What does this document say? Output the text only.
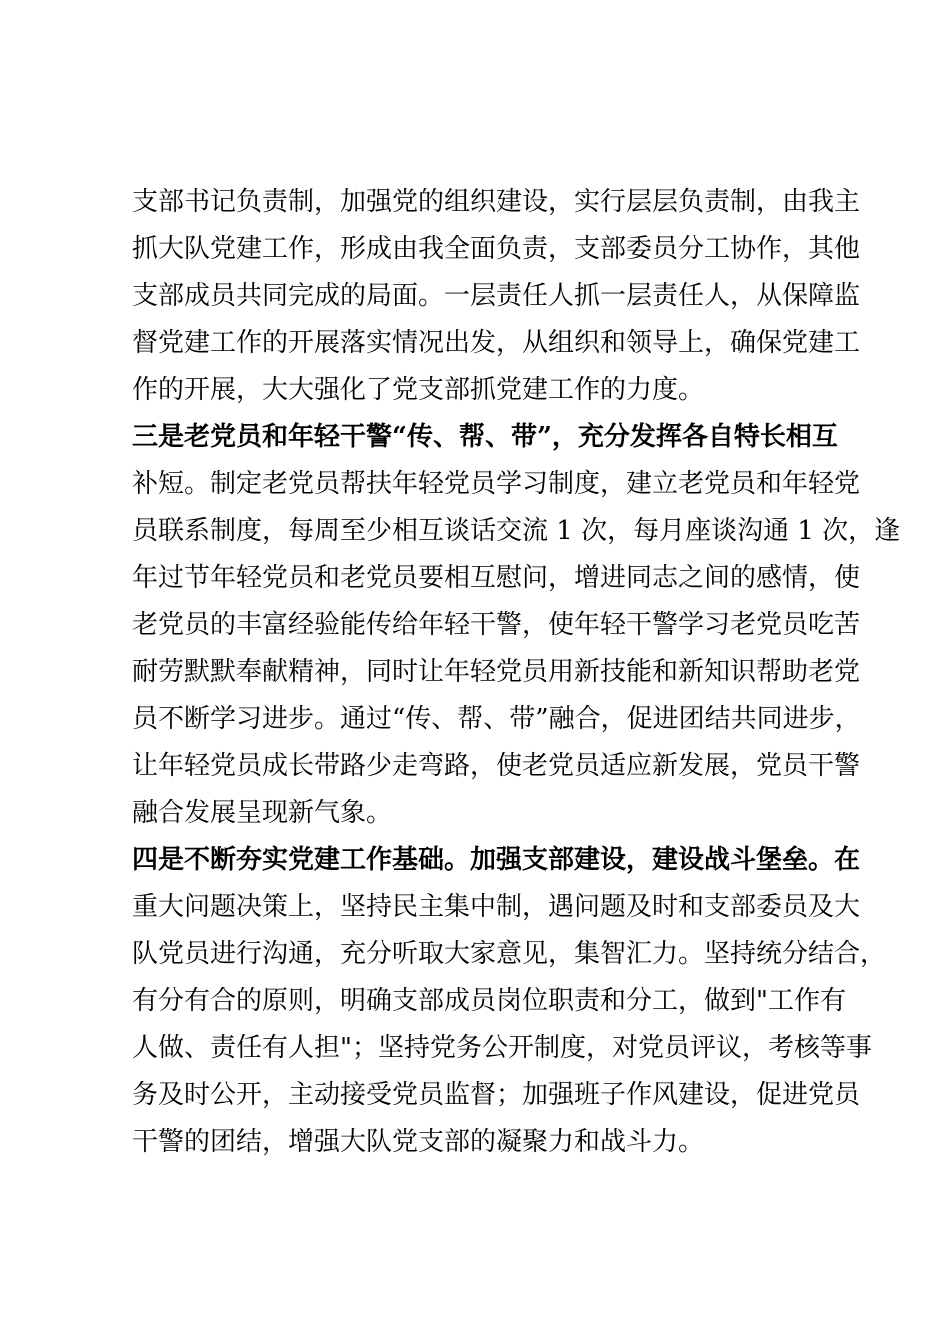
支部书记负责制，加强党的组织建设，实行层层负责制，由我主
抓大队党建工作，形成由我全面负责，支部委员分工协作，其他
支部成员共同完成的局面。一层责任人抓一层责任人，从保障监
督党建工作的开展落实情况出发，从组织和领导上，确保党建工
作的开展，大大强化了党支部抓党建工作的力度。
三是老党员和年轻干警“传、帮、带”，充分发挥各自特长相互
补短。制定老党员帮扶年轻党员学习制度，建立老党员和年轻党
员联系制度，每周至少相互谈话交流 1 次，每月座谈沟通 1 次，逢
年过节年轻党员和老党员要相互慰问，增进同志之间的感情，使
老党员的丰富经验能传给年轻干警，使年轻干警学习老党员吃苦
耐劳默默奉献精神，同时让年轻党员用新技能和新知识帮助老党
员不断学习进步。通过“传、帮、带”融合，促进团结共同进步，
让年轻党员成长带路少走弯路，使老党员适应新发展，党员干警
融合发展呈现新气象。
四是不断夯实党建工作基础。加强支部建设，建设战斗堡垒。在
重大问题决策上，坚持民主集中制，遇问题及时和支部委员及大
队党员进行沟通，充分听取大家意见，集智汇力。坚持统分结合，
有分有合的原则，明确支部成员岗位职责和分工，做到"工作有
人做、责任有人担"；坚持党务公开制度，对党员评议，考核等事
务及时公开，主动接受党员监督；加强班子作风建设，促进党员
干警的团结，增强大队党支部的凝聚力和战斗力。
